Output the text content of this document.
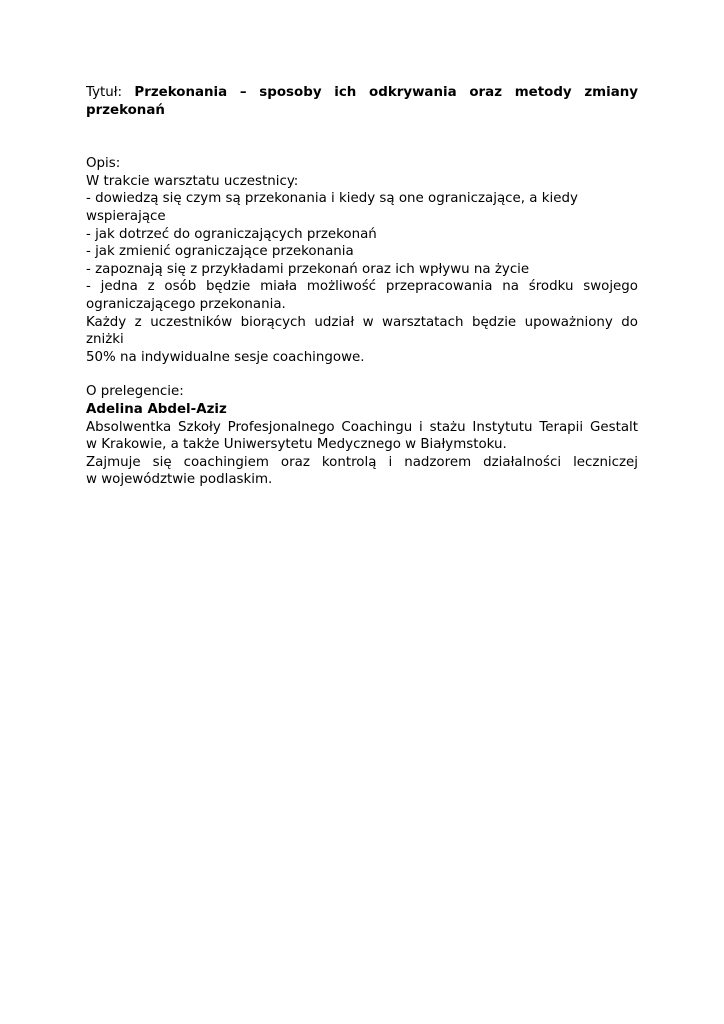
Tytuł: Przekonania – sposoby ich odkrywania oraz metody zmiany

przekonań

Opis:

W trakcie warsztatu uczestnicy:

- dowiedzą się czym są przekonania i kiedy są one ograniczające, a kiedy wspierające

- jak dotrzeć do ograniczających przekonań

- jak zmienić ograniczające przekonania

- zapoznają się z przykładami przekonań oraz ich wpływu na życie

- jedna z osób będzie miała możliwość przepracowania na środku swojego

ograniczającego przekonania.

Każdy z uczestników biorących udział w warsztatach będzie upoważniony do zniżki

50% na indywidualne sesje coachingowe.

O prelegencie:

Adelina Abdel-Aziz

Absolwentka Szkoły Profesjonalnego Coachingu i stażu Instytutu Terapii Gestalt

w Krakowie, a także Uniwersytetu Medycznego w Białymstoku.

Zajmuje się coachingiem oraz kontrolą i nadzorem działalności leczniczej

w województwie podlaskim.
